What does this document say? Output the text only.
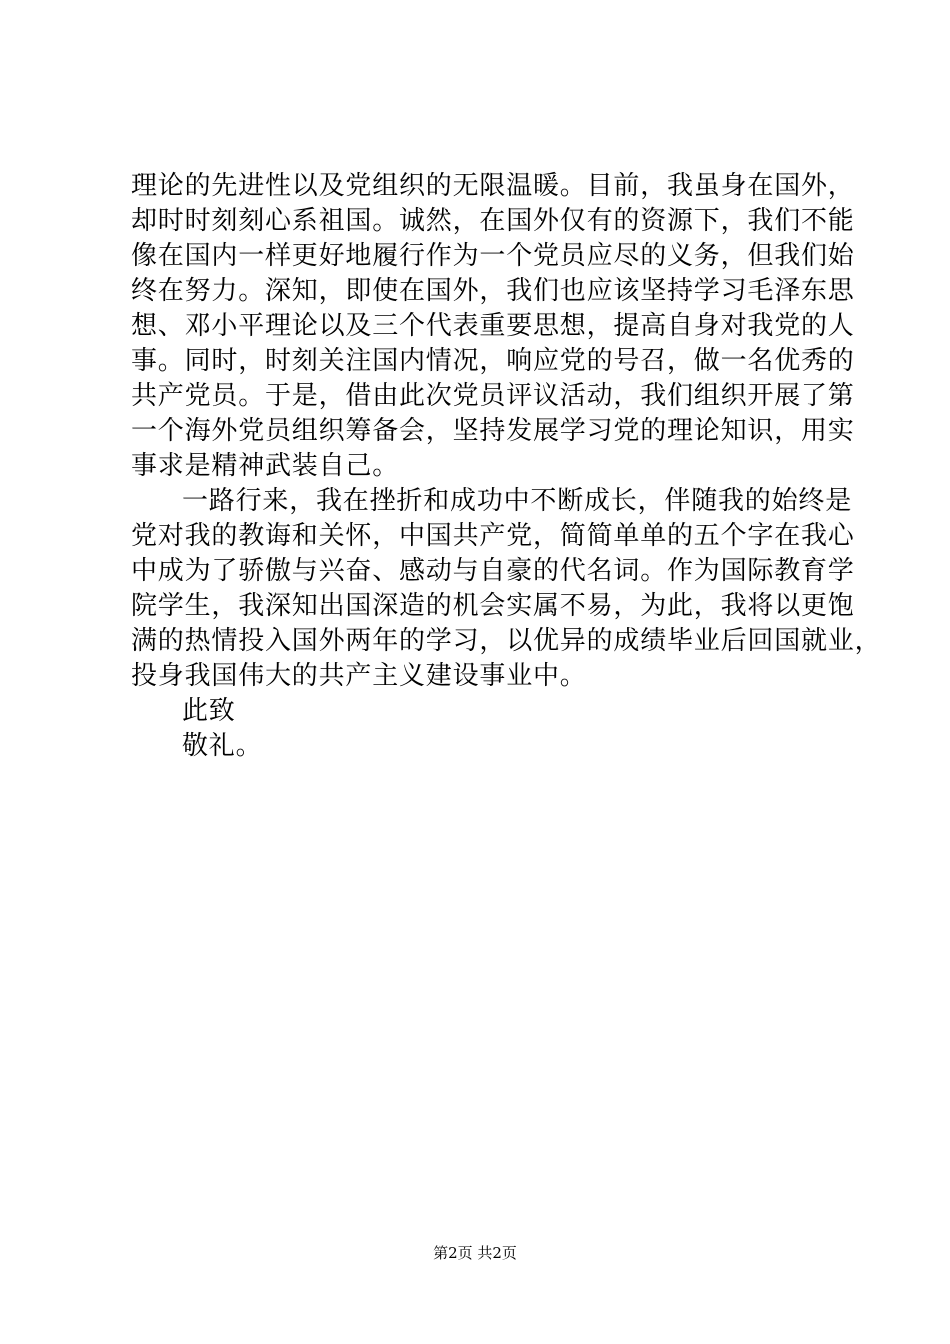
理论的先进性以及党组织的无限温暖。目前，我虽身在国外，
却时时刻刻心系祖国。诚然，在国外仅有的资源下，我们不能
像在国内一样更好地履行作为一个党员应尽的义务，但我们始
终在努力。深知，即使在国外，我们也应该坚持学习毛泽东思
想、邓小平理论以及三个代表重要思想，提高自身对我党的人
事。同时，时刻关注国内情况，响应党的号召，做一名优秀的
共产党员。于是，借由此次党员评议活动，我们组织开展了第
一个海外党员组织筹备会，坚持发展学习党的理论知识，用实
事求是精神武装自己。
一路行来，我在挫折和成功中不断成长，伴随我的始终是
党对我的教诲和关怀，中国共产党，简简单单的五个字在我心
中成为了骄傲与兴奋、感动与自豪的代名词。作为国际教育学
院学生，我深知出国深造的机会实属不易，为此，我将以更饱
满的热情投入国外两年的学习，以优异的成绩毕业后回国就业，
投身我国伟大的共产主义建设事业中。
此致
敬礼。
第2页 共2页
